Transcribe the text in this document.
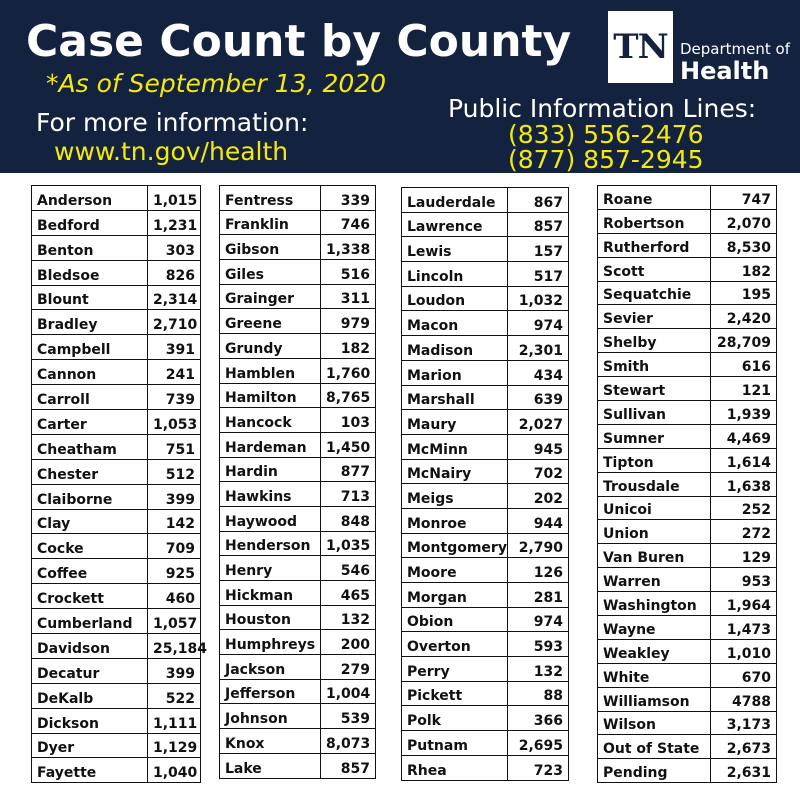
Case Count by County
*As of September 13, 2020
For more information:
www.tn.gov/health
Public Information Lines:
(833) 556-2476
(877) 857-2945
TN Department of
Health
Anderson	1,015
Bedford	1,231
Benton	303
Bledsoe	826
Blount	2,314
Bradley	2,710
Campbell	391
Cannon	241
Carroll	739
Carter	1,053
Cheatham	751
Chester	512
Claiborne	399
Clay	142
Cocke	709
Coffee	925
Crockett	460
Cumberland	1,057
Davidson	25,184
Decatur	399
DeKalb	522
Dickson	1,111
Dyer	1,129
Fayette	1,040
Fentress	339
Franklin	746
Gibson	1,338
Giles	516
Grainger	311
Greene	979
Grundy	182
Hamblen	1,760
Hamilton	8,765
Hancock	103
Hardeman	1,450
Hardin	877
Hawkins	713
Haywood	848
Henderson	1,035
Henry	546
Hickman	465
Houston	132
Humphreys	200
Jackson	279
Jefferson	1,004
Johnson	539
Knox	8,073
Lake	857
Lauderdale	867
Lawrence	857
Lewis	157
Lincoln	517
Loudon	1,032
Macon	974
Madison	2,301
Marion	434
Marshall	639
Maury	2,027
McMinn	945
McNairy	702
Meigs	202
Monroe	944
Montgomery	2,790
Moore	126
Morgan	281
Obion	974
Overton	593
Perry	132
Pickett	88
Polk	366
Putnam	2,695
Rhea	723
Roane	747
Robertson	2,070
Rutherford	8,530
Scott	182
Sequatchie	195
Sevier	2,420
Shelby	28,709
Smith	616
Stewart	121
Sullivan	1,939
Sumner	4,469
Tipton	1,614
Trousdale	1,638
Unicoi	252
Union	272
Van Buren	129
Warren	953
Washington	1,964
Wayne	1,473
Weakley	1,010
White	670
Williamson	4788
Wilson	3,173
Out of State	2,673
Pending	2,631
